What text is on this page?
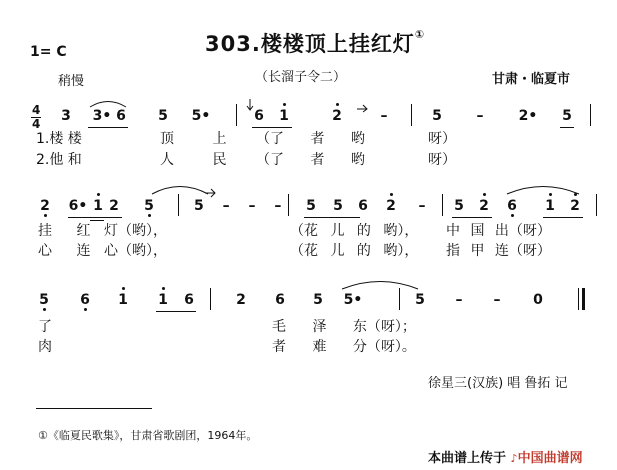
303.楼楼顶上挂红灯①
1= C
稍慢	（长溜子令二）	甘肃・临夏市
4
4 3 3• 6 5 5•	6 1	2	–	5 –	2• 5
1.楼 楼	顶 上 （了 者 哟	呀）
2.他 和	人 民 （了 者 哟	呀）
2 6• 1 2 5	5 – – – 5 5 6 2 – 5 2 6 1 2
挂 红 灯（哟），	（花 儿 的 哟）， 中 国 出（呀）
心 连 心（哟），	（花 儿 的 哟）， 指 甲 连（呀）
5 6 1 1 6	2 6 5 5•	5 – – 0
了	毛 泽 东（呀）；
肉	者 难 分（呀）。
徐星三(汉族) 唱 鲁拓 记
①《临夏民歌集》，甘肃省歌剧团，1964年。
本曲谱上传于 ♪中国曲谱网
